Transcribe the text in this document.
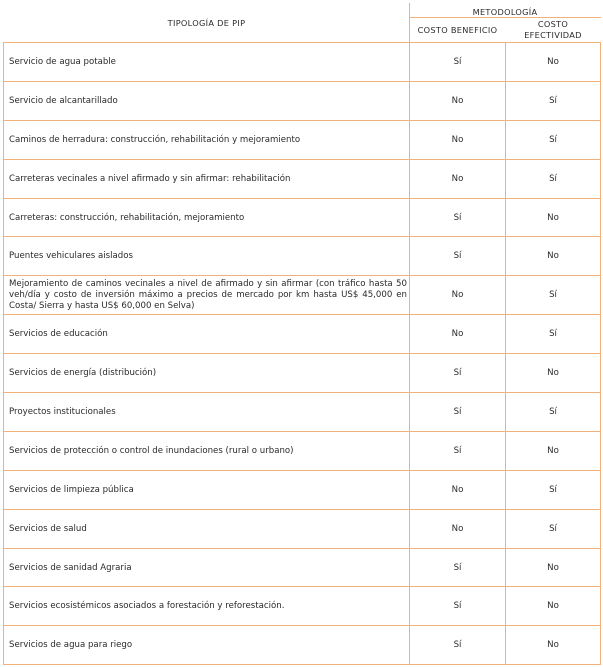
TIPOLOGÍA DE PIP	METODOLOGÍA	
	COSTO BENEFICIO	COSTO
EFECTIVIDAD
Servicio de agua potable	Sí	No
Servicio de alcantarillado	No	Sí
Caminos de herradura: construcción, rehabilitación y mejoramiento	No	Sí
Carreteras vecinales a nivel afirmado y sin afirmar: rehabilitación	No	Sí
Carreteras: construcción, rehabilitación, mejoramiento	Sí	No
Puentes vehiculares aislados	Sí	No
Mejoramiento de caminos vecinales a nivel de afirmado y sin afirmar (con tráfico hasta 50 veh/día y costo de inversión máximo a precios de mercado por km hasta US$ 45,000 en Costa/ Sierra y hasta US$ 60,000 en Selva)	No	Sí
Servicios de educación	No	Sí
Servicios de energía (distribución)	Sí	No
Proyectos institucionales	Sí	Sí
Servicios de protección o control de inundaciones (rural o urbano)	Sí	No
Servicios de limpieza pública	No	Sí
Servicios de salud	No	Sí
Servicios de sanidad Agraria	Sí	No
Servicios ecosistémicos asociados a forestación y reforestación.	Sí	No
Servicios de agua para riego	Sí	No
